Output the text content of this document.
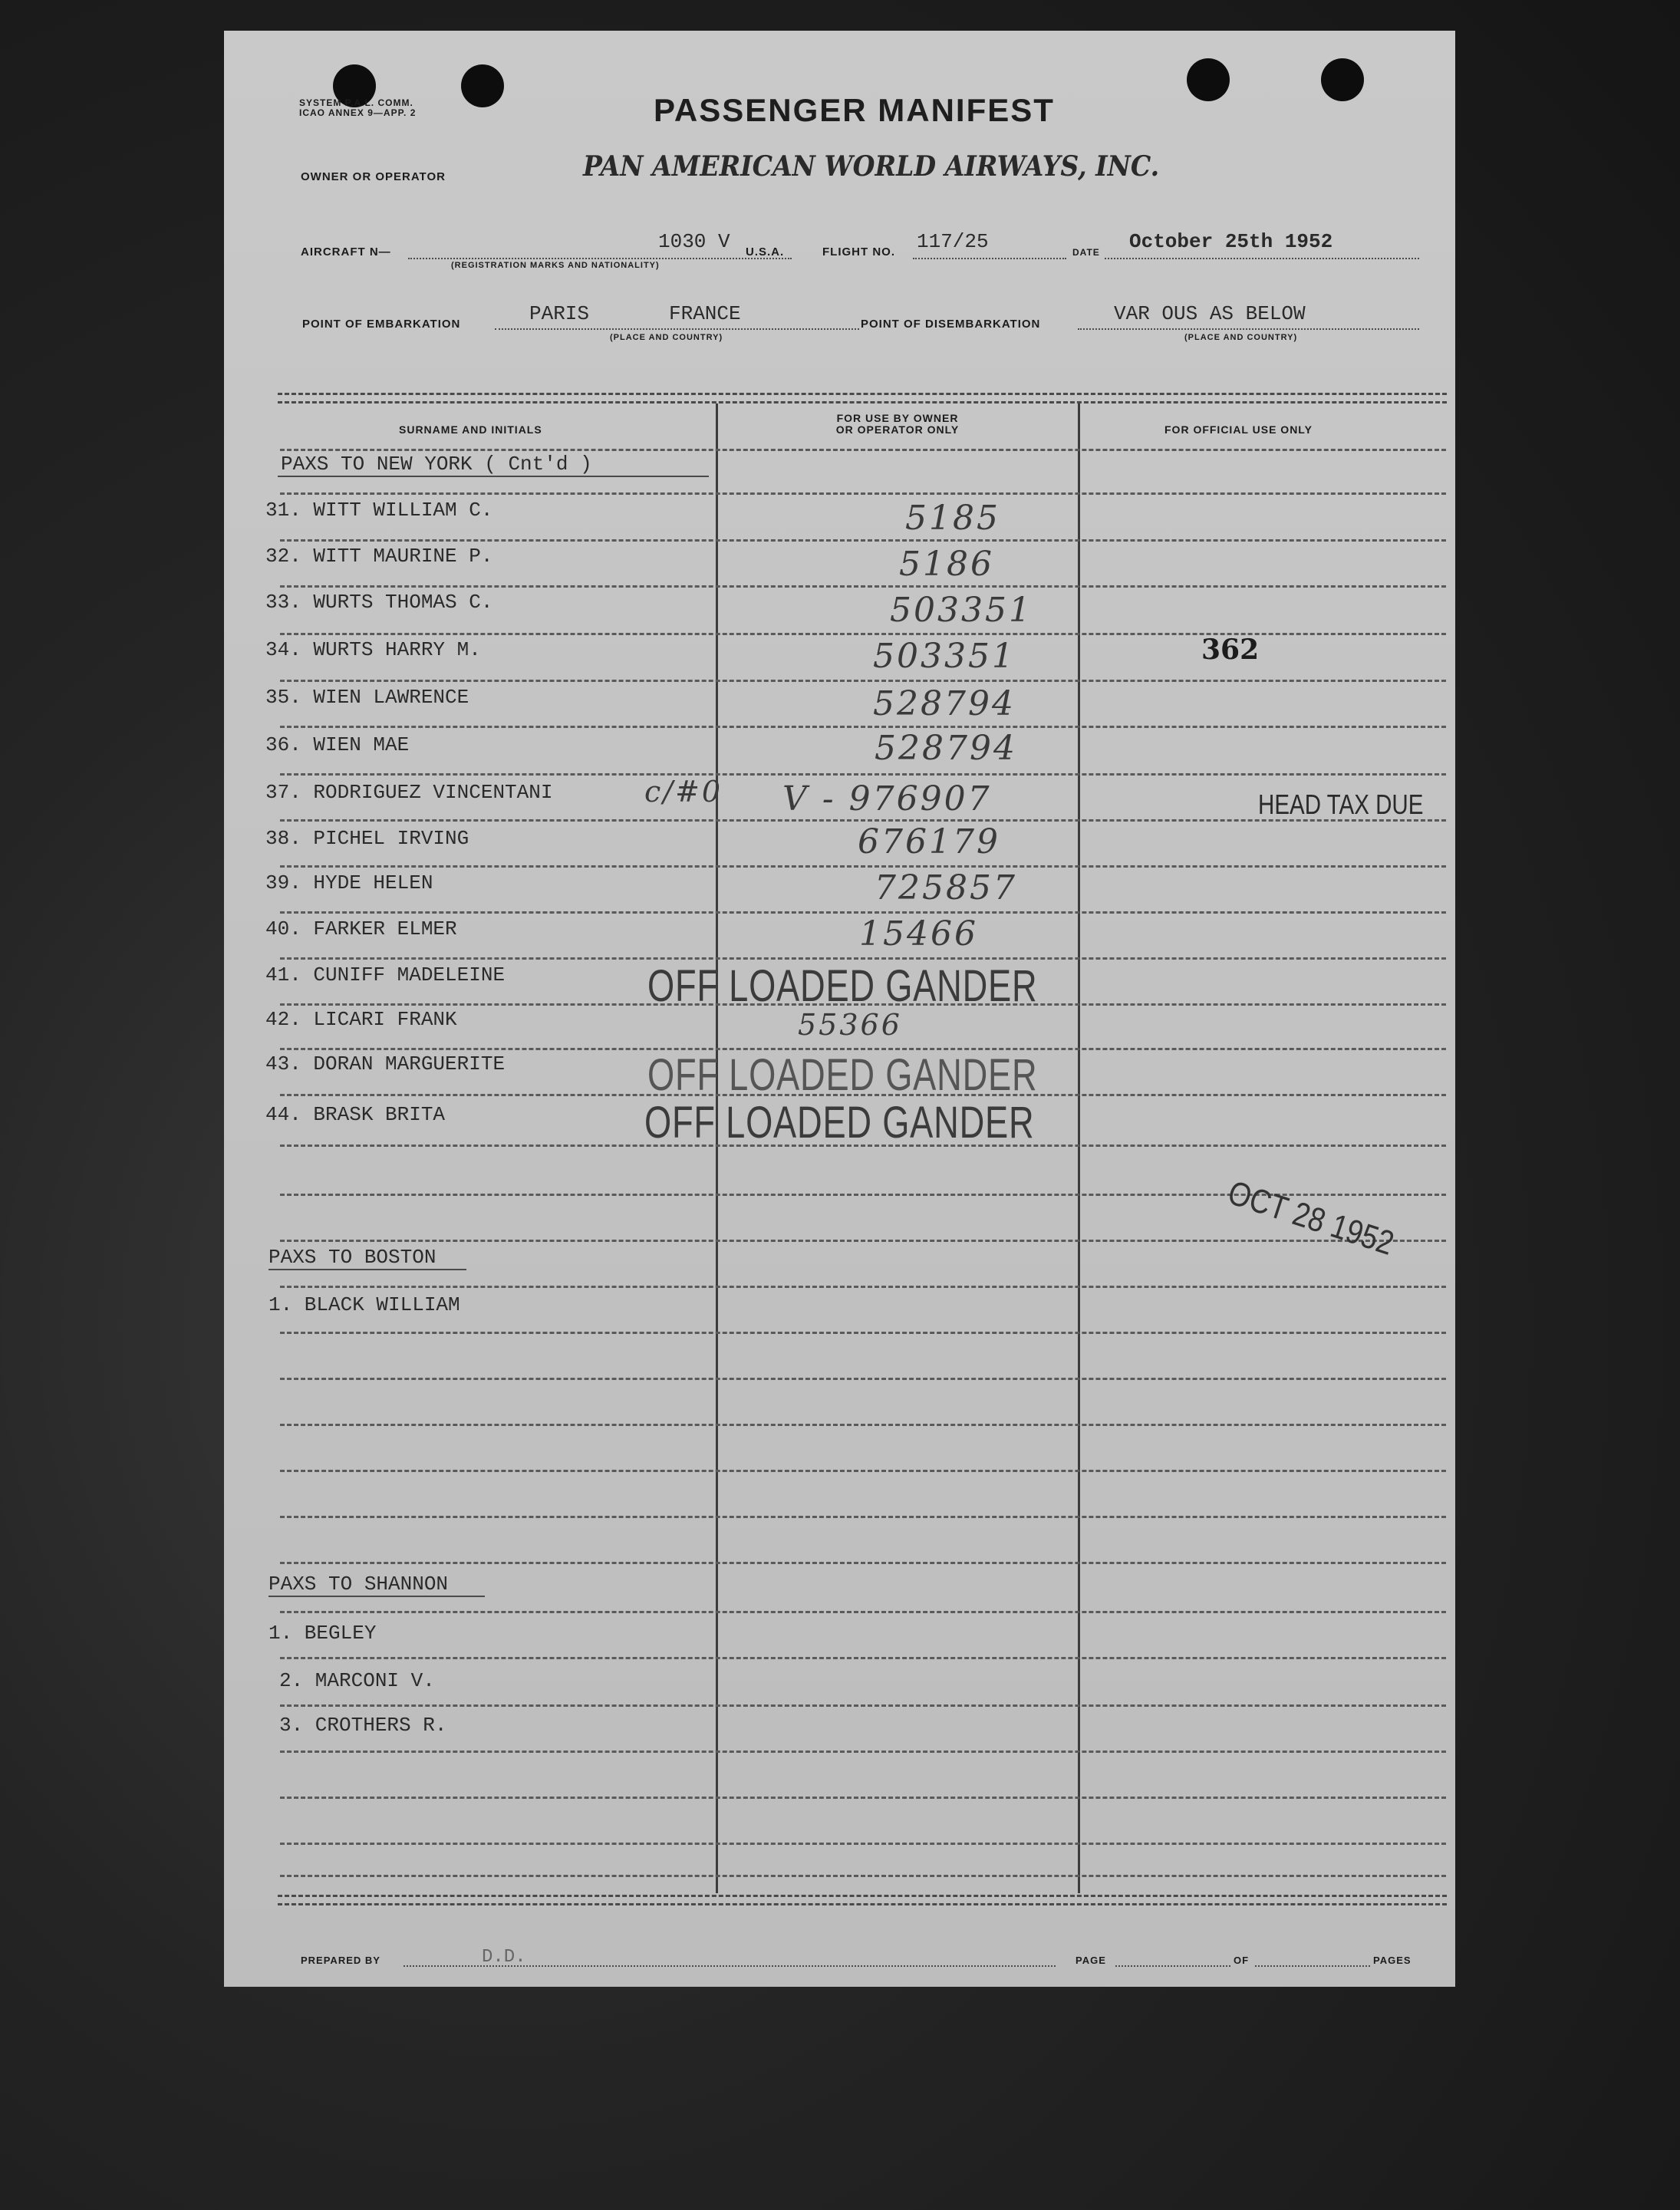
SYSTEM P.A.L. COMM.
ICAO ANNEX 9—APP. 2	PASSENGER MANIFEST
OWNER OR OPERATOR	PAN AMERICAN WORLD AIRWAYS, INC.
AIRCRAFT N—	1030 V U.S.A.
(REGISTRATION MARKS AND NATIONALITY)
FLIGHT NO. 117/25	DATE October 25th 1952
POINT OF EMBARKATION	PARIS	FRANCE
(PLACE AND COUNTRY)
POINT OF DISEMBARKATION	VAR OUS AS BELOW
(PLACE AND COUNTRY)
SURNAME AND INITIALS
FOR USE BY OWNER
OR OPERATOR ONLY	FOR OFFICIAL USE ONLY
PAXS TO NEW YORK ( Cnt'd )
31. WITT WILLIAM C.	5185
32. WITT MAURINE P.	5186
33. WURTS THOMAS C.	503351
34. WURTS HARRY M.	503351	362
35. WIEN LAWRENCE	528794
36. WIEN MAE	528794
37. RODRIGUEZ VINCENTANI	c/#0 V - 976907	HEAD TAX DUE
38. PICHEL IRVING	676179
39. HYDE HELEN	725857
40. FARKER ELMER	15466
41. CUNIFF MADELEINE	OFF LOADED GANDER
42. LICARI FRANK	55366
43. DORAN MARGUERITE	OFF LOADED GANDER
44. BRASK BRITA	OFF LOADED GANDER
OCT 28 1952
PAXS TO BOSTON
1. BLACK WILLIAM
PAXS TO SHANNON
1. BEGLEY
2. MARCONI V.
3. CROTHERS R.
PREPARED BY	D.D.	PAGE	OF	PAGES
